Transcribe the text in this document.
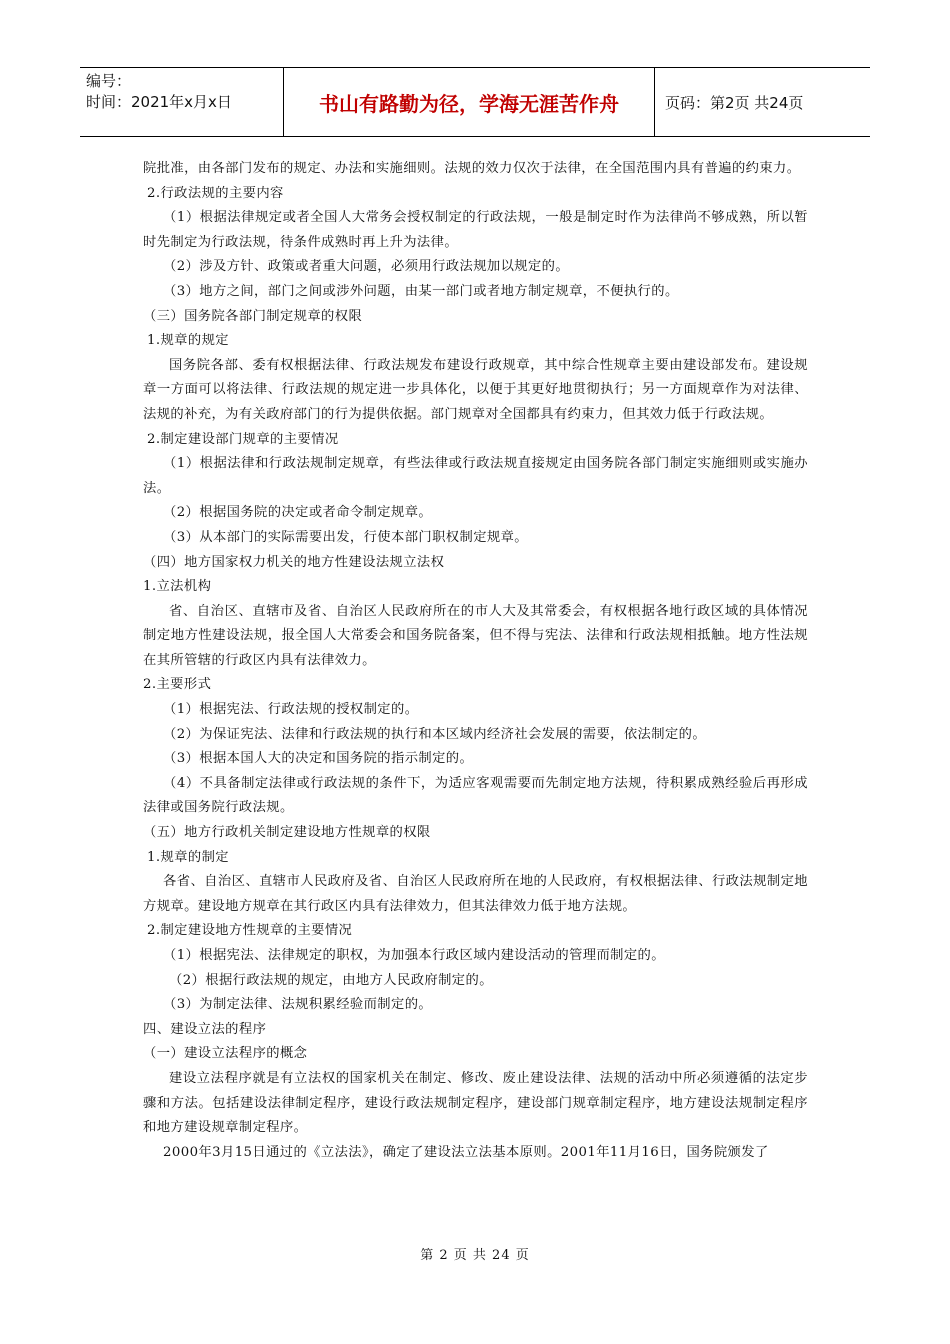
编号：
时间：2021年x月x日	书山有路勤为径，学海无涯苦作舟	页码：第2页 共24页

院批准，由各部门发布的规定、办法和实施细则。法规的效力仅次于法律，在全国范围内具有普遍的约束力。

2.行政法规的主要内容

（1）根据法律规定或者全国人大常务会授权制定的行政法规，一般是制定时作为法律尚不够成熟，所以暂时先制定为行政法规，待条件成熟时再上升为法律。

（2）涉及方针、政策或者重大问题，必须用行政法规加以规定的。

（3）地方之间，部门之间或涉外问题，由某一部门或者地方制定规章，不便执行的。

（三）国务院各部门制定规章的权限

1.规章的规定

国务院各部、委有权根据法律、行政法规发布建设行政规章，其中综合性规章主要由建设部发布。建设规章一方面可以将法律、行政法规的规定进一步具体化，以便于其更好地贯彻执行；另一方面规章作为对法律、法规的补充，为有关政府部门的行为提供依据。部门规章对全国都具有约束力，但其效力低于行政法规。

2.制定建设部门规章的主要情况

（1）根据法律和行政法规制定规章，有些法律或行政法规直接规定由国务院各部门制定实施细则或实施办法。

（2）根据国务院的决定或者命令制定规章。

（3）从本部门的实际需要出发，行使本部门职权制定规章。

（四）地方国家权力机关的地方性建设法规立法权

1.立法机构

省、自治区、直辖市及省、自治区人民政府所在的市人大及其常委会，有权根据各地行政区域的具体情况制定地方性建设法规，报全国人大常委会和国务院备案，但不得与宪法、法律和行政法规相抵触。地方性法规在其所管辖的行政区内具有法律效力。

2.主要形式

（1）根据宪法、行政法规的授权制定的。

（2）为保证宪法、法律和行政法规的执行和本区域内经济社会发展的需要，依法制定的。

（3）根据本国人大的决定和国务院的指示制定的。

（4）不具备制定法律或行政法规的条件下，为适应客观需要而先制定地方法规，待积累成熟经验后再形成法律或国务院行政法规。

（五）地方行政机关制定建设地方性规章的权限

1.规章的制定

各省、自治区、直辖市人民政府及省、自治区人民政府所在地的人民政府，有权根据法律、行政法规制定地方规章。建设地方规章在其行政区内具有法律效力，但其法律效力低于地方法规。

2.制定建设地方性规章的主要情况

（1）根据宪法、法律规定的职权，为加强本行政区域内建设活动的管理而制定的。

（2）根据行政法规的规定，由地方人民政府制定的。

（3）为制定法律、法规积累经验而制定的。

四、建设立法的程序

（一）建设立法程序的概念

建设立法程序就是有立法权的国家机关在制定、修改、废止建设法律、法规的活动中所必须遵循的法定步骤和方法。包括建设法律制定程序，建设行政法规制定程序，建设部门规章制定程序，地方建设法规制定程序和地方建设规章制定程序。

2000年3月15日通过的《立法法》，确定了建设法立法基本原则。2001年11月16日，国务院颁发了

第 2 页 共 24 页
